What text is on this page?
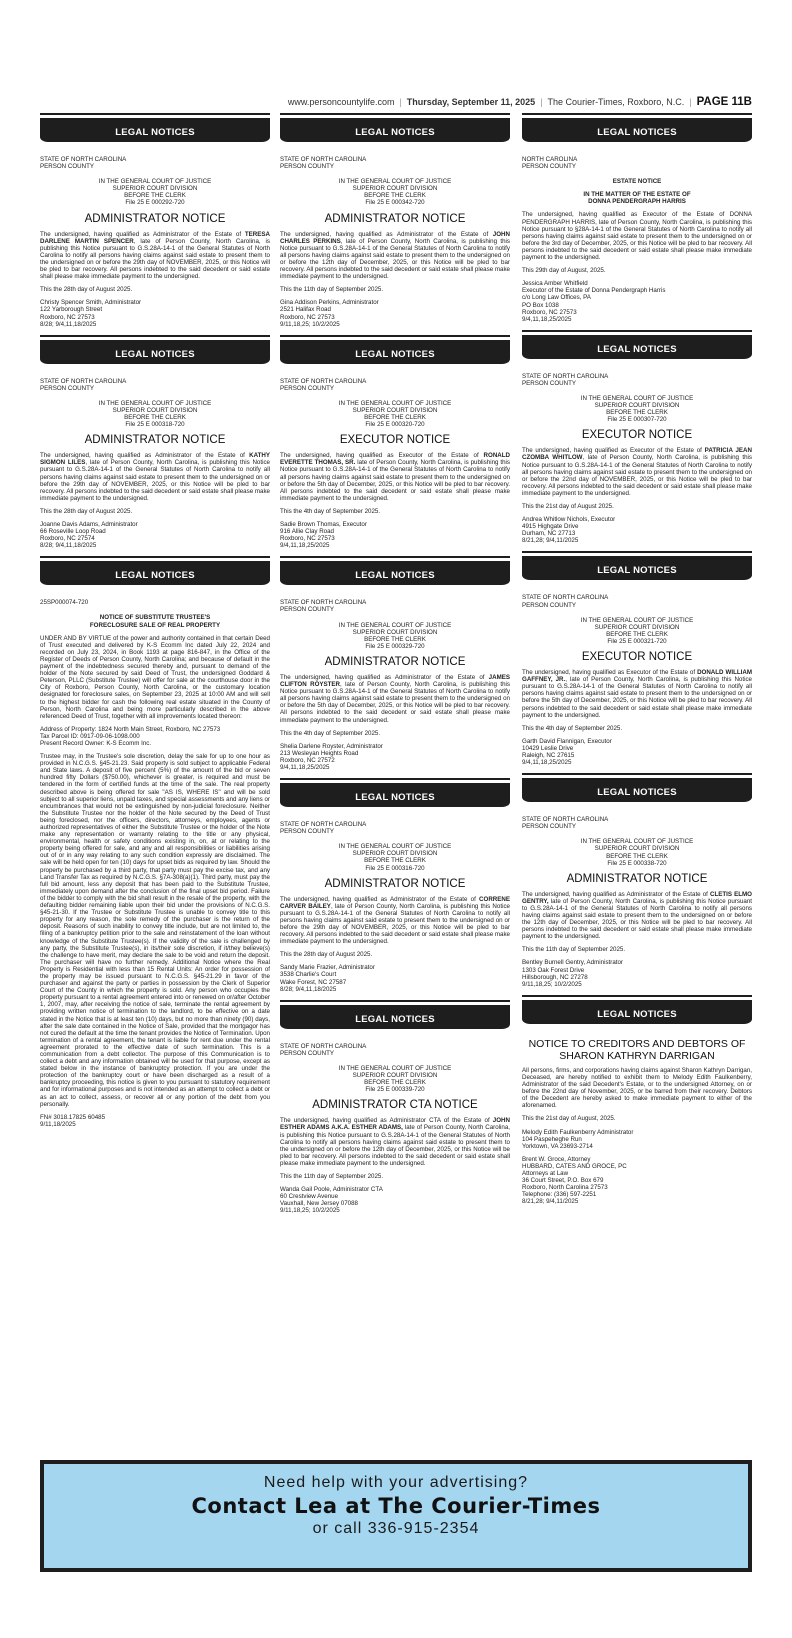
www.personcountylife.com | Thursday, September 11, 2025 | The Courier-Times, Roxboro, N.C. | PAGE 11B
LEGAL NOTICES
STATE OF NORTH CAROLINA
PERSON COUNTY
IN THE GENERAL COURT OF JUSTICE
SUPERIOR COURT DIVISION
BEFORE THE CLERK
File 25 E 000292-720
ADMINISTRATOR NOTICE
The undersigned, having qualified as Administrator of the Estate of TERESA DARLENE MARTIN SPENCER, late of Person County, North Carolina, is publishing this Notice pursuant to G.S.28A-14-1 of the General Statutes of North Carolina to notify all persons having claims against said estate to present them to the undersigned on or before the 29th day of NOVEMBER, 2025, or this Notice will be pled to bar recovery. All persons indebted to the said decedent or said estate shall please make immediate payment to the undersigned.
This the 28th day of August 2025.
Christy Spencer Smith, Administrator
122 Yarborough Street
Roxboro, NC 27573
8/28; 9/4,11,18/2025
LEGAL NOTICES
STATE OF NORTH CAROLINA
PERSON COUNTY
IN THE GENERAL COURT OF JUSTICE
SUPERIOR COURT DIVISION
BEFORE THE CLERK
File 25 E 000318-720
ADMINISTRATOR NOTICE
The undersigned, having qualified as Administrator of the Estate of KATHY SIGMON LILES, late of Person County, North Carolina, is publishing this Notice pursuant to G.S.28A-14-1 of the General Statutes of North Carolina to notify all persons having claims against said estate to present them to the undersigned on or before the 29th day of NOVEMBER, 2025, or this Notice will be pled to bar recovery. All persons indebted to the said decedent or said estate shall please make immediate payment to the undersigned.
This the 28th day of August 2025.
Joanne Davis Adams, Administrator
66 Roseville Loop Road
Roxboro, NC 27574
8/28; 9/4,11,18/2025
LEGAL NOTICES
25SP000074-720
NOTICE OF SUBSTITUTE TRUSTEE'S
FORECLOSURE SALE OF REAL PROPERTY
UNDER AND BY VIRTUE of the power and authority contained in that certain Deed of Trust executed and delivered by K-S Ecomm Inc dated July 22, 2024 and recorded on July 23, 2024, in Book 1193 at page 816-847, in the Office of the Register of Deeds of Person County, North Carolina; and because of default in the payment of the indebtedness secured thereby and, pursuant to demand of the holder of the Note secured by said Deed of Trust, the undersigned Goddard & Peterson, PLLC (Substitute Trustee) will offer for sale at the courthouse door in the City of Roxboro, Person County, North Carolina, or the customary location designated for foreclosure sales, on September 23, 2025 at 10:00 AM and will sell to the highest bidder for cash the following real estate situated in the County of Person, North Carolina and being more particularly described in the above referenced Deed of Trust, together with all improvements located thereon:
Address of Property: 1824 North Main Street, Roxboro, NC 27573
Tax Parcel ID: 0917-09-06-1098.000
Present Record Owner: K-S Ecomm Inc.
Trustee may, in the Trustee's sole discretion, delay the sale for up to one hour as provided in N.C.G.S. §45-21.23. Said property is sold subject to applicable Federal and State laws. A deposit of five percent (5%) of the amount of the bid or seven hundred fifty Dollars ($750.00), whichever is greater, is required and must be tendered in the form of certified funds at the time of the sale. The real property described above is being offered for sale "AS IS, WHERE IS" and will be sold subject to all superior liens, unpaid taxes, and special assessments and any liens or encumbrances that would not be extinguished by non-judicial foreclosure. Neither the Substitute Trustee nor the holder of the Note secured by the Deed of Trust being foreclosed, nor the officers, directors, attorneys, employees, agents or authorized representatives of either the Substitute Trustee or the holder of the Note make any representation or warranty relating to the title or any physical, environmental, health or safety conditions existing in, on, at or relating to the property being offered for sale, and any and all responsibilities or liabilities arising out of or in any way relating to any such condition expressly are disclaimed. The sale will be held open for ten (10) days for upset bids as required by law. Should the property be purchased by a third party, that party must pay the excise tax, and any Land Transfer Tax as required by N.C.G.S. §7A-308(a)(1). Third party, must pay the full bid amount, less any deposit that has been paid to the Substitute Trustee, immediately upon demand after the conclusion of the final upset bid period. Failure of the bidder to comply with the bid shall result in the resale of the property, with the defaulting bidder remaining liable upon their bid under the provisions of N.C.G.S. §45-21-30. If the Trustee or Substitute Trustee is unable to convey title to this property for any reason, the sole remedy of the purchaser is the return of the deposit. Reasons of such inability to convey title include, but are not limited to, the filing of a bankruptcy petition prior to the sale and reinstatement of the loan without knowledge of the Substitute Trustee(s). If the validity of the sale is challenged by any party, the Substitute Trustee(s), in its/their sole discretion, if it/they believe(s) the challenge to have merit, may declare the sale to be void and return the deposit. The purchaser will have no further remedy. Additional Notice where the Real Property is Residential with less than 15 Rental Units: An order for possession of the property may be issued pursuant to N.C.G.S. §45-21.29 in favor of the purchaser and against the party or parties in possession by the Clerk of Superior Court of the County in which the property is sold. Any person who occupies the property pursuant to a rental agreement entered into or renewed on or/after October 1, 2007, may, after receiving the notice of sale, terminate the rental agreement by providing written notice of termination to the landlord, to be effective on a date stated in the Notice that is at least ten (10) days, but no more than ninety (90) days, after the sale date contained in the Notice of Sale, provided that the mortgagor has not cured the default at the time the tenant provides the Notice of Termination. Upon termination of a rental agreement, the tenant is liable for rent due under the rental agreement prorated to the effective date of such termination. This is a communication from a debt collector. The purpose of this Communication is to collect a debt and any information obtained will be used for that purpose, except as stated below in the instance of bankruptcy protection. If you are under the protection of the bankruptcy court or have been discharged as a result of a bankruptcy proceeding, this notice is given to you pursuant to statutory requirement and for informational purposes and is not intended as an attempt to collect a debt or as an act to collect, assess, or recover all or any portion of the debt from you personally.
FN# 3018.17825 60485
9/11,18/2025
LEGAL NOTICES
STATE OF NORTH CAROLINA
PERSON COUNTY
IN THE GENERAL COURT OF JUSTICE
SUPERIOR COURT DIVISION
BEFORE THE CLERK
File 25 E 000342-720
ADMINISTRATOR NOTICE
The undersigned, having qualified as Administrator of the Estate of JOHN CHARLES PERKINS, late of Person County, North Carolina, is publishing this Notice pursuant to G.S.28A-14-1 of the General Statutes of North Carolina to notify all persons having claims against said estate to present them to the undersigned on or before the 12th day of December, 2025, or this Notice will be pled to bar recovery. All persons indebted to the said decedent or said estate shall please make immediate payment to the undersigned.
This the 11th day of September 2025.
Gina Addison Perkins, Administrator
2521 Halifax Road
Roxboro, NC 27573
9/11,18,25; 10/2/2025
LEGAL NOTICES
STATE OF NORTH CAROLINA
PERSON COUNTY
IN THE GENERAL COURT OF JUSTICE
SUPERIOR COURT DIVISION
BEFORE THE CLERK
File 25 E 000320-720
EXECUTOR NOTICE
The undersigned, having qualified as Executor of the Estate of RONALD EVERETTE THOMAS, SR. late of Person County, North Carolina, is publishing this Notice pursuant to G.S.28A-14-1 of the General Statutes of North Carolina to notify all persons having claims against said estate to present them to the undersigned on or before the 5th day of December, 2025, or this Notice will be pled to bar recovery. All persons indebted to the said decedent or said estate shall please make immediate payment to the undersigned.
This the 4th day of September 2025.
Sadie Brown Thomas, Executor
916 Allie Clay Road
Roxboro, NC 27573
9/4,11,18,25/2025
LEGAL NOTICES
STATE OF NORTH CAROLINA
PERSON COUNTY
IN THE GENERAL COURT OF JUSTICE
SUPERIOR COURT DIVISION
BEFORE THE CLERK
File 25 E 000329-720
ADMINISTRATOR NOTICE
The undersigned, having qualified as Administrator of the Estate of JAMES CLIFTON ROYSTER, late of Person County, North Carolina, is publishing this Notice pursuant to G.S.28A-14-1 of the General Statutes of North Carolina to notify all persons having claims against said estate to present them to the undersigned on or before the 5th day of December, 2025, or this Notice will be pled to bar recovery. All persons indebted to the said decedent or said estate shall please make immediate payment to the undersigned.
This the 4th day of September 2025.
Shelia Darlene Royster, Administrator
213 Wesleyan Heights Road
Roxboro, NC 27572
9/4,11,18,25/2025
LEGAL NOTICES
STATE OF NORTH CAROLINA
PERSON COUNTY
IN THE GENERAL COURT OF JUSTICE
SUPERIOR COURT DIVISION
BEFORE THE CLERK
File 25 E 000316-720
ADMINISTRATOR NOTICE
The undersigned, having qualified as Administrator of the Estate of CORRENE CARVER BAILEY, late of Person County, North Carolina, is publishing this Notice pursuant to G.S.28A-14-1 of the General Statutes of North Carolina to notify all persons having claims against said estate to present them to the undersigned on or before the 29th day of NOVEMBER, 2025, or this Notice will be pled to bar recovery. All persons indebted to the said decedent or said estate shall please make immediate payment to the undersigned.
This the 28th day of August 2025.
Sandy Marie Frazier, Administrator
3538 Charlie's Court
Wake Forest, NC 27587
8/28; 9/4,11,18/2025
LEGAL NOTICES
STATE OF NORTH CAROLINA
PERSON COUNTY
IN THE GENERAL COURT OF JUSTICE
SUPERIOR COURT DIVISION
BEFORE THE CLERK
File 25 E 000339-720
ADMINISTRATOR CTA NOTICE
The undersigned, having qualified as Administrator CTA of the Estate of JOHN ESTHER ADAMS A.K.A. ESTHER ADAMS, late of Person County, North Carolina, is publishing this Notice pursuant to G.S.28A-14-1 of the General Statutes of North Carolina to notify all persons having claims against said estate to present them to the undersigned on or before the 12th day of December, 2025, or this Notice will be pled to bar recovery. All persons indebted to the said decedent or said estate shall please make immediate payment to the undersigned.
This the 11th day of September 2025.
Wanda Gail Poole, Administrator CTA
60 Crestview Avenue
Vauxhall, New Jersey 07088
9/11,18,25; 10/2/2025
LEGAL NOTICES
NORTH CAROLINA
PERSON COUNTY
ESTATE NOTICE
IN THE MATTER OF THE ESTATE OF
DONNA PENDERGRAPH HARRIS
The undersigned, having qualified as Executor of the Estate of DONNA PENDERGRAPH HARRIS, late of Person County, North Carolina, is publishing this Notice pursuant to §28A-14-1 of the General Statutes of North Carolina to notify all persons having claims against said estate to present them to the undersigned on or before the 3rd day of December, 2025, or this Notice will be pled to bar recovery. All persons indebted to the said decedent or said estate shall please make immediate payment to the undersigned.
This 29th day of August, 2025.
Jessica Amber Whitfield
Executor of the Estate of Donna Pendergraph Harris
c/o Long Law Offices, PA
PO Box 1038
Roxboro, NC 27573
9/4,11,18,25/2025
LEGAL NOTICES
STATE OF NORTH CAROLINA
PERSON COUNTY
IN THE GENERAL COURT OF JUSTICE
SUPERIOR COURT DIVISION
BEFORE THE CLERK
File 25 E 000307-720
EXECUTOR NOTICE
The undersigned, having qualified as Executor of the Estate of PATRICIA JEAN CZOMBA WHITLOW, late of Person County, North Carolina, is publishing this Notice pursuant to G.S.28A-14-1 of the General Statutes of North Carolina to notify all persons having claims against said estate to present them to the undersigned on or before the 22nd day of NOVEMBER, 2025, or this Notice will be pled to bar recovery. All persons indebted to the said decedent or said estate shall please make immediate payment to the undersigned.
This the 21st day of August 2025.
Andrea Whitlow Nichols, Executor
4915 Highgate Drive
Durham, NC 27713
8/21,28; 9/4,11/2025
LEGAL NOTICES
STATE OF NORTH CAROLINA
PERSON COUNTY
IN THE GENERAL COURT OF JUSTICE
SUPERIOR COURT DIVISION
BEFORE THE CLERK
File 25 E 000321-720
EXECUTOR NOTICE
The undersigned, having qualified as Executor of the Estate of DONALD WILLIAM GAFFNEY, JR., late of Person County, North Carolina, is publishing this Notice pursuant to G.S.28A-14-1 of the General Statutes of North Carolina to notify all persons having claims against said estate to present them to the undersigned on or before the 5th day of December, 2025, or this Notice will be pled to bar recovery. All persons indebted to the said decedent or said estate shall please make immediate payment to the undersigned.
This the 4th day of September 2025.
Garth David Flannigan, Executor
10429 Leslie Drive
Raleigh, NC 27615
9/4,11,18,25/2025
LEGAL NOTICES
STATE OF NORTH CAROLINA
PERSON COUNTY
IN THE GENERAL COURT OF JUSTICE
SUPERIOR COURT DIVISION
BEFORE THE CLERK
File 25 E 000338-720
ADMINISTRATOR NOTICE
The undersigned, having qualified as Administrator of the Estate of CLETIS ELMO GENTRY, late of Person County, North Carolina, is publishing this Notice pursuant to G.S.28A-14-1 of the General Statutes of North Carolina to notify all persons having claims against said estate to present them to the undersigned on or before the 12th day of December, 2025, or this Notice will be pled to bar recovery. All persons indebted to the said decedent or said estate shall please make immediate payment to the undersigned.
This the 11th day of September 2025.
Bentley Burnell Gentry, Administrator
1303 Oak Forest Drive
Hillsborough, NC 27278
9/11,18,25; 10/2/2025
LEGAL NOTICES
NOTICE TO CREDITORS AND DEBTORS OF SHARON KATHRYN DARRIGAN
All persons, firms, and corporations having claims against Sharon Kathryn Darrigan, Deceased, are hereby notified to exhibit them to Melody Edith Faulkenberry, Administrator of the said Decedent's Estate, or to the undersigned Attorney, on or before the 22nd day of November, 2025, or be barred from their recovery. Debtors of the Decedent are hereby asked to make immediate payment to either of the aforenamed.
This the 21st day of August, 2025.
Melody Edith Faulkenberry Administrator
104 Paspeheghe Run
Yorktown, VA 23693-2714
Brent W. Groce, Attorney
HUBBARD, CATES AND GROCE, PC
Attorneys at Law
36 Court Street, P.O. Box 679
Roxboro, North Carolina 27573
Telephone: (336) 597-2251
8/21,28; 9/4,11/2025
Need help with your advertising?
Contact Lea at The Courier-Times
or call 336-915-2354
